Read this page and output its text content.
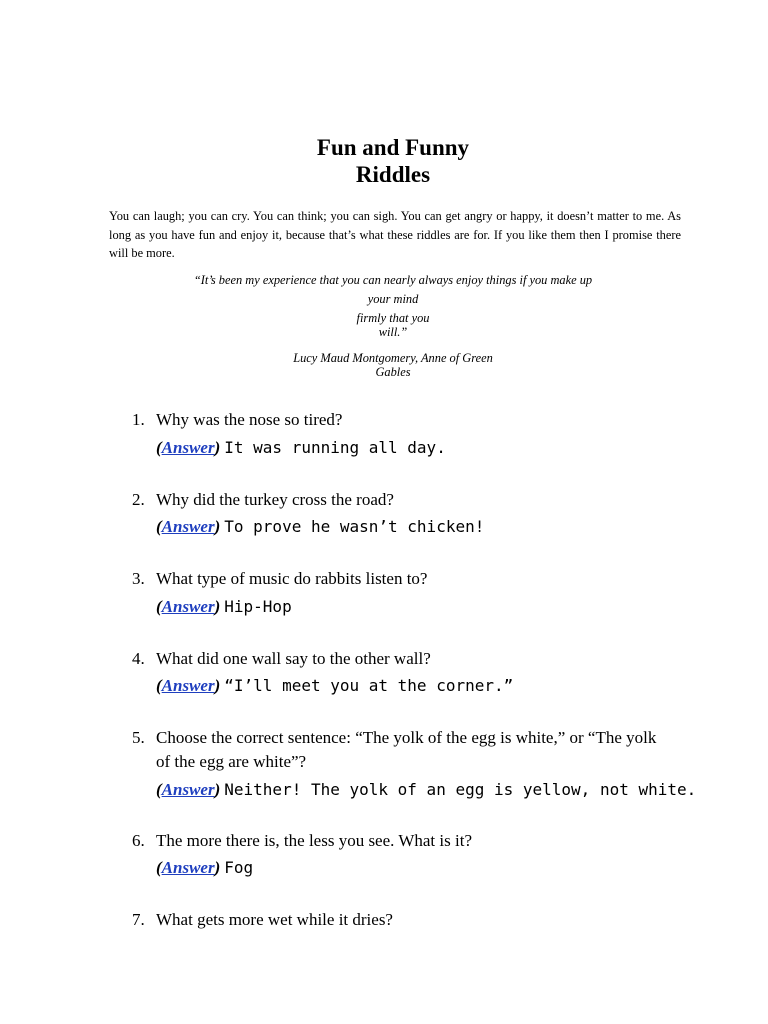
Fun and Funny
Riddles
You can laugh; you can cry. You can think; you can sigh. You can get angry or happy, it doesn’t matter to me. As long as you have fun and enjoy it, because that’s what these riddles are for. If you like them then I promise there will be more.
“It’s been my experience that you can nearly always enjoy things if you make up
your mind
firmly that you
will.”
Lucy Maud Montgomery, Anne of Green
Gables
1. Why was the nose so tired?
(Answer) It was running all day.
2. Why did the turkey cross the road?
(Answer) To prove he wasn’t chicken!
3. What type of music do rabbits listen to?
(Answer) Hip-Hop
4. What did one wall say to the other wall?
(Answer) “I’ll meet you at the corner.”
5. Choose the correct sentence: “The yolk of the egg is white,” or “The yolk of the egg are white”?
(Answer) Neither! The yolk of an egg is yellow, not white.
6. The more there is, the less you see. What is it?
(Answer) Fog
7. What gets more wet while it dries?
